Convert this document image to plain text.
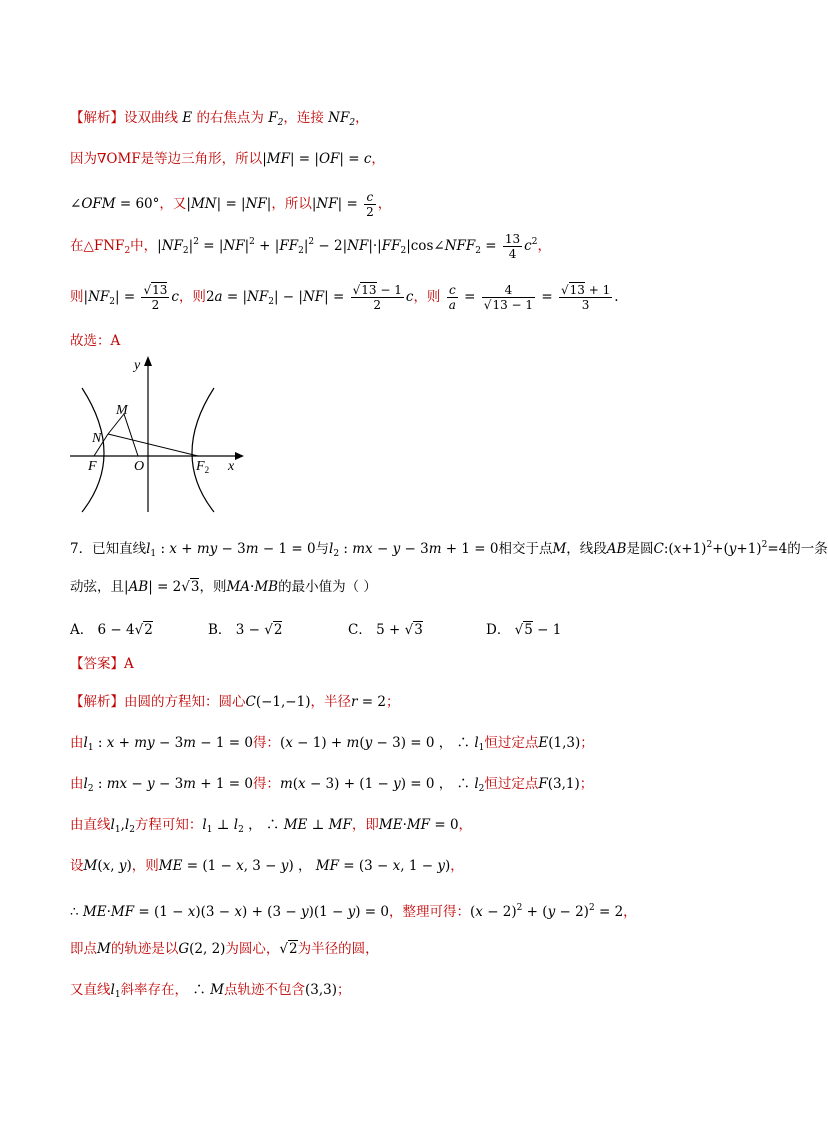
【解析】设双曲线 E 的右焦点为 $F_2$，连接 $NF_2$，
因为∇OMF是等边三角形，所以|MF| = |OF| = c，
∠OFM = 60°，又|MN| = |NF|，所以$|NF| = \frac{c}{2}$ ，
在$\triangle FNF_2$中，$|NF_2|^2 = |NF|^2 + |FF_2|^2$ − $2|NF|\cdot|FF_2|\cos\angle NFF_2 = \frac{13}{4} c^2$，
则$|NF_2| = \frac{√13}{2}$ c，则$2a = |NF_2| - |NF| = \frac{√13 - 1}{2}$ c，则 $\frac{c}{a} = \frac{4}{√13 - 1} = \frac{√13 + 1}{3}$ .
故选：A
y
x
M
N
F	O	$F_2$
7．已知直线$l_1$ : x + my − 3m − 1 = 0与$l_2$ : mx − y − 3m + 1 = 0相交于点M，线段AB是圆$C:(x+1)^2+(y+1)^2=4$的一条
动弦，且|AB| = 2√3，则MA·MB的最小值为（ ）
A． 6 − 4√2	B． 3 − √2	C． 5 + √3	D． √5 − 1
【答案】A
【解析】由圆的方程知：圆心C(−1,−1)，半径r = 2；
由$l_1$ : x + my − 3m − 1 = 0得：(x − 1) + m(y − 3) = 0 ， ∴ $l_1$恒过定点E(1,3)；
由$l_2$ : mx − y − 3m + 1 = 0得：m(x − 3) + (1 − y) = 0 ， ∴ $l_2$恒过定点F(3,1)；
由直线$l_1,l_2$方程可知：$l_1$ ⊥ $l_2$ ， ∴ ME ⊥ MF，即ME·MF = 0，
设M(x, y)，则ME = (1 − x, 3 − y) ， MF = (3 − x, 1 − y)，
∴ ME·MF = (1 − x)(3 − x) + (3 − y)(1 − y) = 0，整理可得：$(x - 2)^2 + (y - 2)^2 = 2$，
即点M的轨迹是以G(2, 2)为圆心，√2为半径的圆，
又直线$l_1$斜率存在， ∴ M点轨迹不包含(3,3)；
